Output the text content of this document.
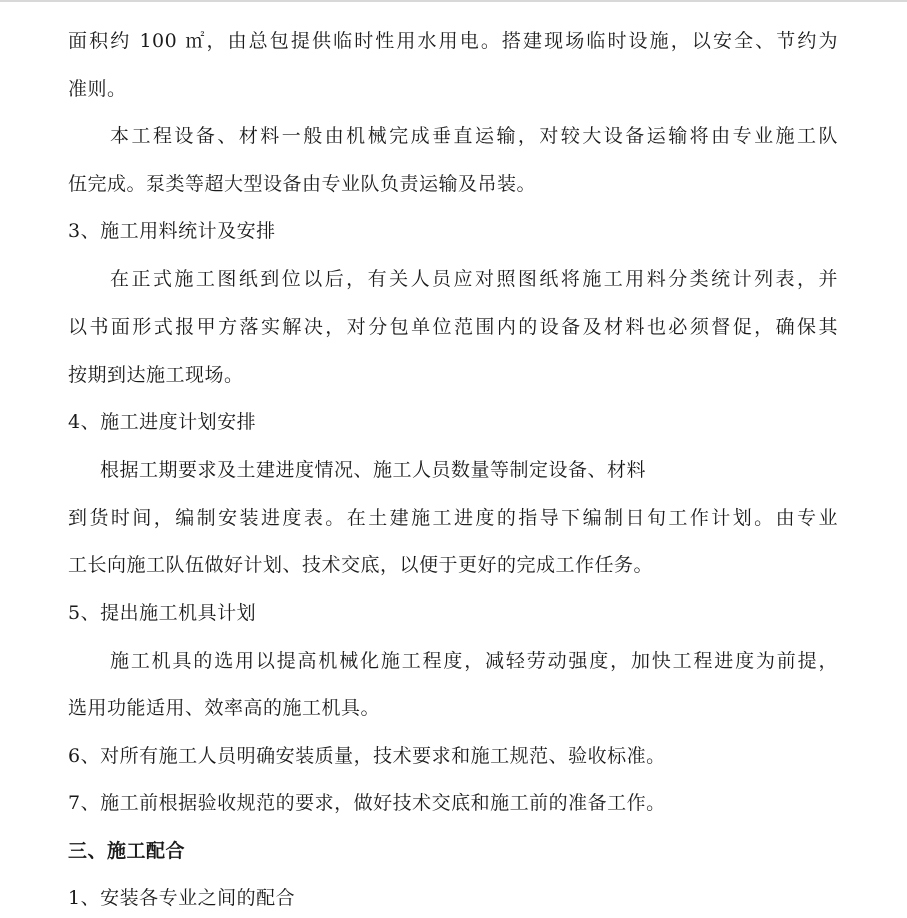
面积约 100 ㎡，由总包提供临时性用水用电。搭建现场临时设施，以安全、节约为
准则。
本工程设备、材料一般由机械完成垂直运输，对较大设备运输将由专业施工队
伍完成。泵类等超大型设备由专业队负责运输及吊装。
3、施工用料统计及安排
在正式施工图纸到位以后，有关人员应对照图纸将施工用料分类统计列表，并
以书面形式报甲方落实解决，对分包单位范围内的设备及材料也必须督促，确保其
按期到达施工现场。
4、施工进度计划安排
根据工期要求及土建进度情况、施工人员数量等制定设备、材料
到货时间，编制安装进度表。在土建施工进度的指导下编制日旬工作计划。由专业
工长向施工队伍做好计划、技术交底，以便于更好的完成工作任务。
5、提出施工机具计划
施工机具的选用以提高机械化施工程度，减轻劳动强度，加快工程进度为前提，
选用功能适用、效率高的施工机具。
6、对所有施工人员明确安装质量，技术要求和施工规范、验收标准。
7、施工前根据验收规范的要求，做好技术交底和施工前的准备工作。
三、施工配合
1、安装各专业之间的配合
